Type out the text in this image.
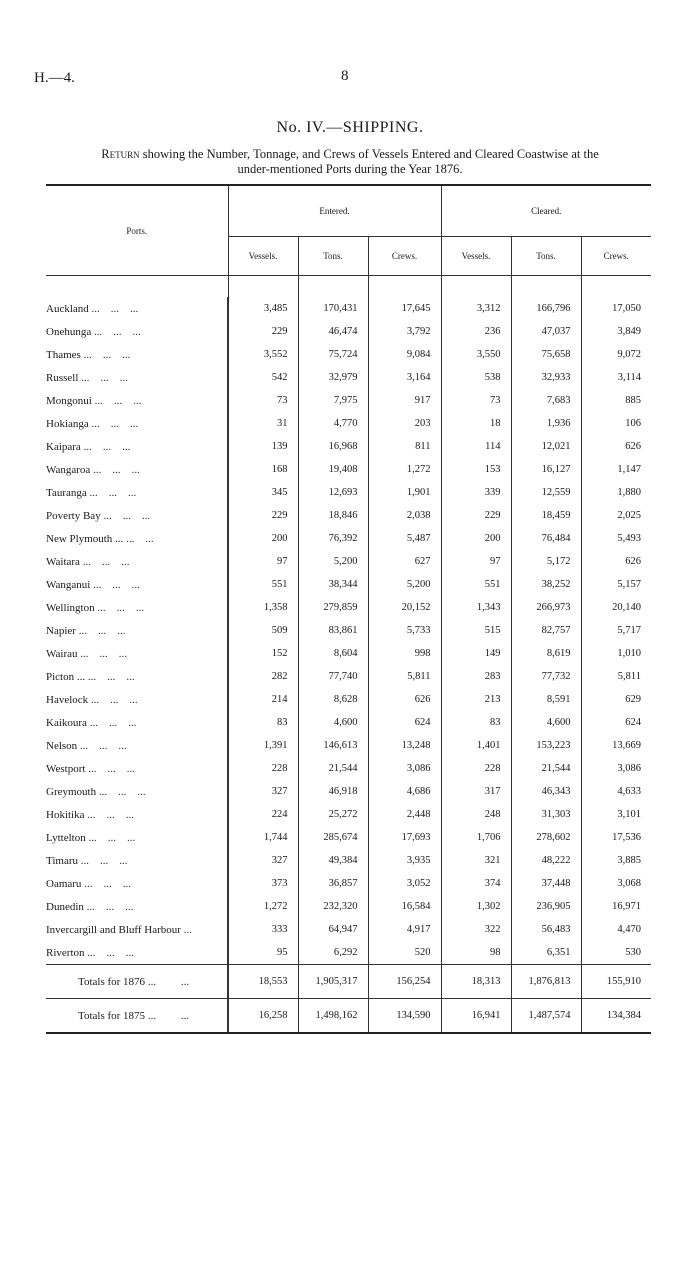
H.—4.	8
No. IV.—SHIPPING.
Return showing the Number, Tonnage, and Crews of Vessels Entered and Cleared Coastwise at the
under-mentioned Ports during the Year 1876.

Ports.	Entered.			Cleared.		
	Vessels.	Tons.	Crews.	Vessels.	Tons.	Crews.

Auckland ...    ...    ...	3,485	170,431	17,645	3,312	166,796	17,050
Onehunga ...    ...    ...	229	46,474	3,792	236	47,037	3,849
Thames ...    ...    ...	3,552	75,724	9,084	3,550	75,658	9,072
Russell ...    ...    ...	542	32,979	3,164	538	32,933	3,114
Mongonui ...    ...    ...	73	7,975	917	73	7,683	885
Hokianga ...    ...    ...	31	4,770	203	18	1,936	106
Kaipara ...    ...    ...	139	16,968	811	114	12,021	626
Wangaroa ...    ...    ...	168	19,408	1,272	153	16,127	1,147
Tauranga ...    ...    ...	345	12,693	1,901	339	12,559	1,880
Poverty Bay ...    ...    ...	229	18,846	2,038	229	18,459	2,025
New Plymouth ... ...    ...	200	76,392	5,487	200	76,484	5,493
Waitara ...    ...    ...	97	5,200	627	97	5,172	626
Wanganui ...    ...    ...	551	38,344	5,200	551	38,252	5,157
Wellington ...    ...    ...	1,358	279,859	20,152	1,343	266,973	20,140
Napier ...    ...    ...	509	83,861	5,733	515	82,757	5,717
Wairau ...    ...    ...	152	8,604	998	149	8,619	1,010
Picton ... ...    ...    ...	282	77,740	5,811	283	77,732	5,811
Havelock ...    ...    ...	214	8,628	626	213	8,591	629
Kaikoura ...    ...    ...	83	4,600	624	83	4,600	624
Nelson ...    ...    ...	1,391	146,613	13,248	1,401	153,223	13,669
Westport ...    ...    ...	228	21,544	3,086	228	21,544	3,086
Greymouth ...    ...    ...	327	46,918	4,686	317	46,343	4,633
Hokitika ...    ...    ...	224	25,272	2,448	248	31,303	3,101
Lyttelton ...    ...    ...	1,744	285,674	17,693	1,706	278,602	17,536
Timaru ...    ...    ...	327	49,384	3,935	321	48,222	3,885
Oamaru ...    ...    ...	373	36,857	3,052	374	37,448	3,068
Dunedin ...    ...    ...	1,272	232,320	16,584	1,302	236,905	16,971
Invercargill and Bluff Harbour ...	333	64,947	4,917	322	56,483	4,470
Riverton ...    ...    ...	95	6,292	520	98	6,351	530
Totals for 1876 ...         ...	18,553	1,905,317	156,254	18,313	1,876,813	155,910
Totals for 1875 ...         ...	16,258	1,498,162	134,590	16,941	1,487,574	134,384
